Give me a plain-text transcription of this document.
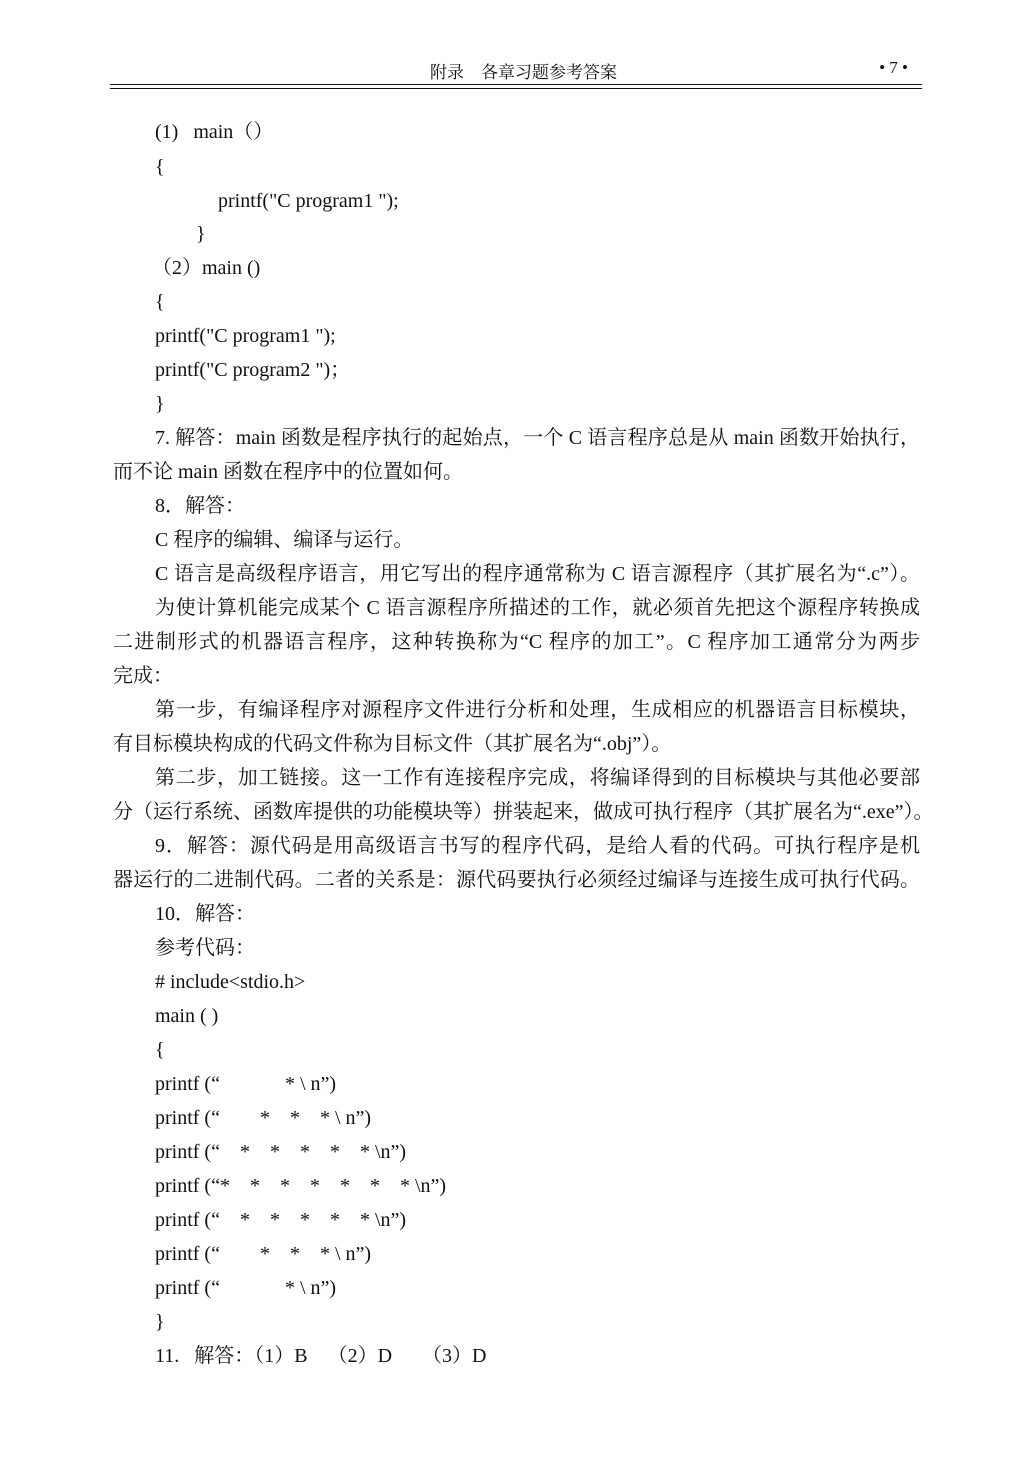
附录    各章习题参考答案	• 7 •
(1)   main（）
{
printf("C program1 ");
}
（2）main ()
{
printf("C program1 ");
printf("C program2 ")；
}
7. 解答：main 函数是程序执行的起始点，一个 C 语言程序总是从 main 函数开始执行，
而不论 main 函数在程序中的位置如何。
8．解答：
C 程序的编辑、编译与运行。
C 语言是高级程序语言，用它写出的程序通常称为 C 语言源程序（其扩展名为“.c”）。
为使计算机能完成某个 C 语言源程序所描述的工作，就必须首先把这个源程序转换成
二进制形式的机器语言程序，这种转换称为“C 程序的加工”。C 程序加工通常分为两步
完成：
第一步，有编译程序对源程序文件进行分析和处理，生成相应的机器语言目标模块，
有目标模块构成的代码文件称为目标文件（其扩展名为“.obj”）。
第二步，加工链接。这一工作有连接程序完成，将编译得到的目标模块与其他必要部
分（运行系统、函数库提供的功能模块等）拼装起来，做成可执行程序（其扩展名为“.exe”）。
9．解答：源代码是用高级语言书写的程序代码，是给人看的代码。可执行程序是机
器运行的二进制代码。二者的关系是：源代码要执行必须经过编译与连接生成可执行代码。
10．解答：
参考代码：
# include<stdio.h>
main ( )
{
printf (“             * \ n”)
printf (“        *    *    * \ n”)
printf (“    *    *    *    *    * \n”)
printf (“*    *    *    *    *    *    * \n”)
printf (“    *    *    *    *    * \n”)
printf (“        *    *    * \ n”)
printf (“             * \ n”)
}
11.   解答：（1）B    （2）D      （3）D
